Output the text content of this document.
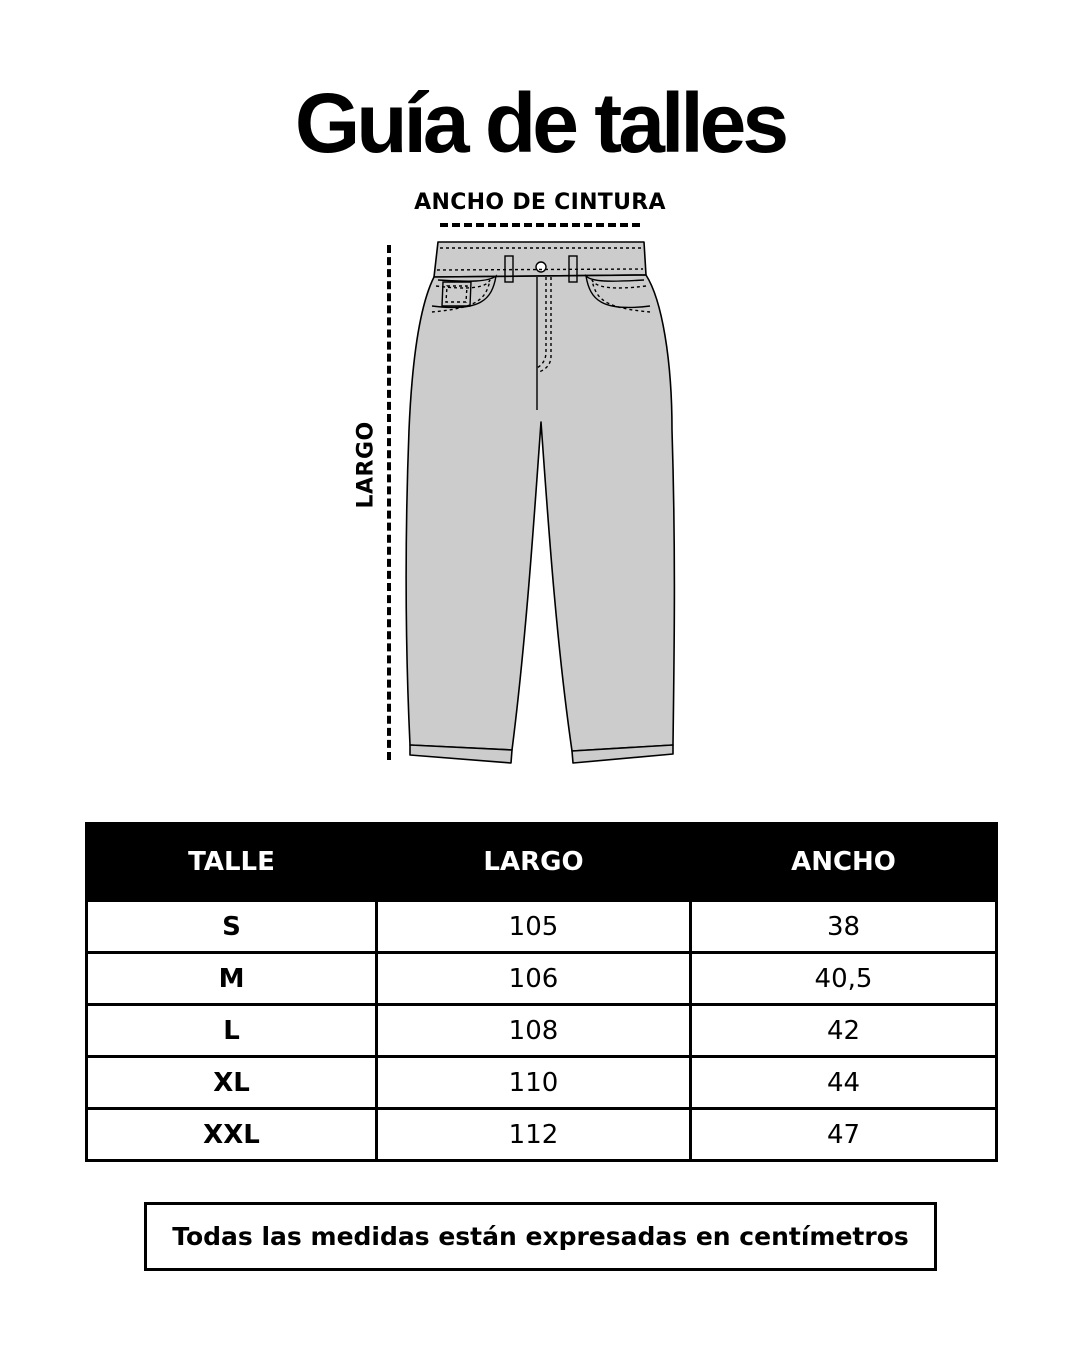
Guía de talles
ANCHO DE CINTURA
LARGO
TALLE	LARGO	ANCHO
S	105	38
M	106	40,5
L	108	42
XL	110	44
XXL	112	47
Todas las medidas están expresadas en centímetros
